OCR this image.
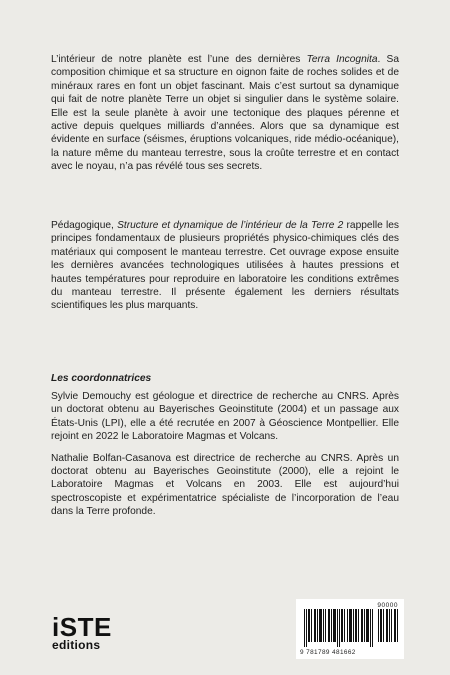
L’intérieur de notre planète est l’une des dernières Terra Incognita. Sa composition chimique et sa structure en oignon faite de roches solides et de minéraux rares en font un objet fascinant. Mais c’est surtout sa dynamique qui fait de notre planète Terre un objet si singulier dans le système solaire. Elle est la seule planète à avoir une tectonique des plaques pérenne et active depuis quelques milliards d’années. Alors que sa dynamique est évidente en surface (séismes, éruptions volcaniques, ride médio-océanique), la nature même du manteau terrestre, sous la croûte terrestre et en contact avec le noyau, n’a pas révélé tous ses secrets.

Pédagogique, Structure et dynamique de l’intérieur de la Terre 2 rappelle les principes fondamentaux de plusieurs propriétés physico-chimiques clés des matériaux qui composent le manteau terrestre. Cet ouvrage expose ensuite les dernières avancées technologiques utilisées à hautes pressions et hautes températures pour reproduire en laboratoire les conditions extrêmes du manteau terrestre. Il présente également les derniers résultats scientifiques les plus marquants.

Les coordonnatrices

Sylvie Demouchy est géologue et directrice de recherche au CNRS. Après un doctorat obtenu au Bayerisches Geoinstitute (2004) et un passage aux États-Unis (LPI), elle a été recrutée en 2007 à Géoscience Montpellier. Elle rejoint en 2022 le Laboratoire Magmas et Volcans.

Nathalie Bolfan-Casanova est directrice de recherche au CNRS. Après un doctorat obtenu au Bayerisches Geoinstitute (2000), elle a rejoint le Laboratoire Magmas et Volcans en 2003. Elle est aujourd’hui spectroscopiste et expérimentatrice spécialiste de l’incorporation de l’eau dans la Terre profonde.

iSTE
editions
90000
9 781789 481662
